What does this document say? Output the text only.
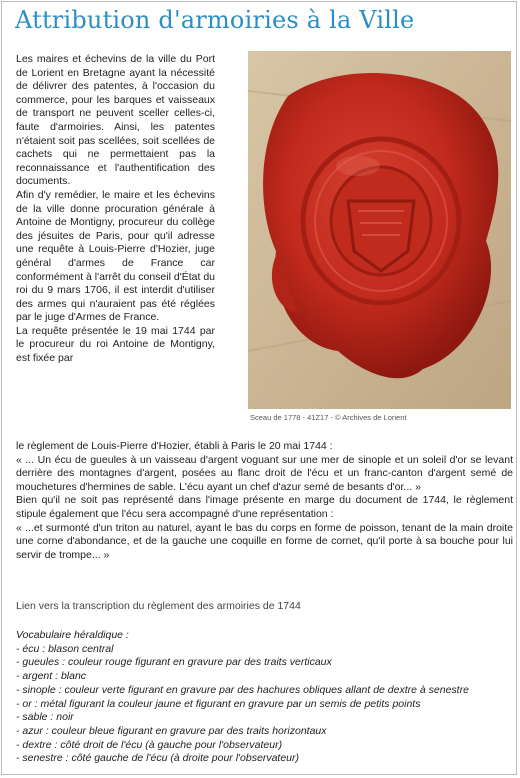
Attribution d'armoiries à la Ville

Les maires et échevins de la ville du Port de Lorient en Bretagne ayant la nécessité de délivrer des patentes, à l'occasion du commerce, pour les barques et vaisseaux de transport ne peuvent sceller celles-ci, faute d'armoiries. Ainsi, les patentes n'étaient soit pas scellées, soit scellées de cachets qui ne permettaient pas la reconnaissance et l'authentification des documents.

Afin d'y remédier, le maire et les échevins de la ville donne procuration générale à Antoine de Montigny, procureur du collège des jésuites de Paris, pour qu'il adresse une requête à Louis-Pierre d'Hozier, juge général d'armes de France car conformément à l'arrêt du conseil d'État du roi du 9 mars 1706, il est interdit d'utiliser des armes qui n'auraient pas été réglées par le juge d'Armes de France.

La requête présentée le 19 mai 1744 par le procureur du roi Antoine de Montigny, est fixée par

Sceau de 1778 - 41Z17 - © Archives de Lorient

le règlement de Louis-Pierre d'Hozier, établi à Paris le 20 mai 1744 :

« ... Un écu de gueules à un vaisseau d'argent voguant sur une mer de sinople et un soleil d'or se levant derrière des montagnes d'argent, posées au flanc droit de l'écu et un franc-canton d'argent semé de mouchetures d'hermines de sable. L'écu ayant un chef d'azur semé de besants d'or... »

Bien qu'il ne soit pas représenté dans l'image présente en marge du document de 1744, le règlement stipule également que l'écu sera accompagné d'une représentation :

« ...et surmonté d'un triton au naturel, ayant le bas du corps en forme de poisson, tenant de la main droite une corne d'abondance, et de la gauche une coquille en forme de cornet, qu'il porte à sa bouche pour lui servir de trompe... »

Lien vers la transcription du règlement des armoiries de 1744
Vocabulaire héraldique :
- écu : blason central
- gueules : couleur rouge figurant en gravure par des traits verticaux
- argent : blanc
- sinople : couleur verte figurant en gravure par des hachures obliques allant de dextre à senestre
- or : métal figurant la couleur jaune et figurant en gravure par un semis de petits points
- sable : noir
- azur : couleur bleue figurant en gravure par des traits horizontaux
- dextre : côté droit de l'écu (à gauche pour l'observateur)
- senestre : côté gauche de l'écu (à droite pour l'observateur)
